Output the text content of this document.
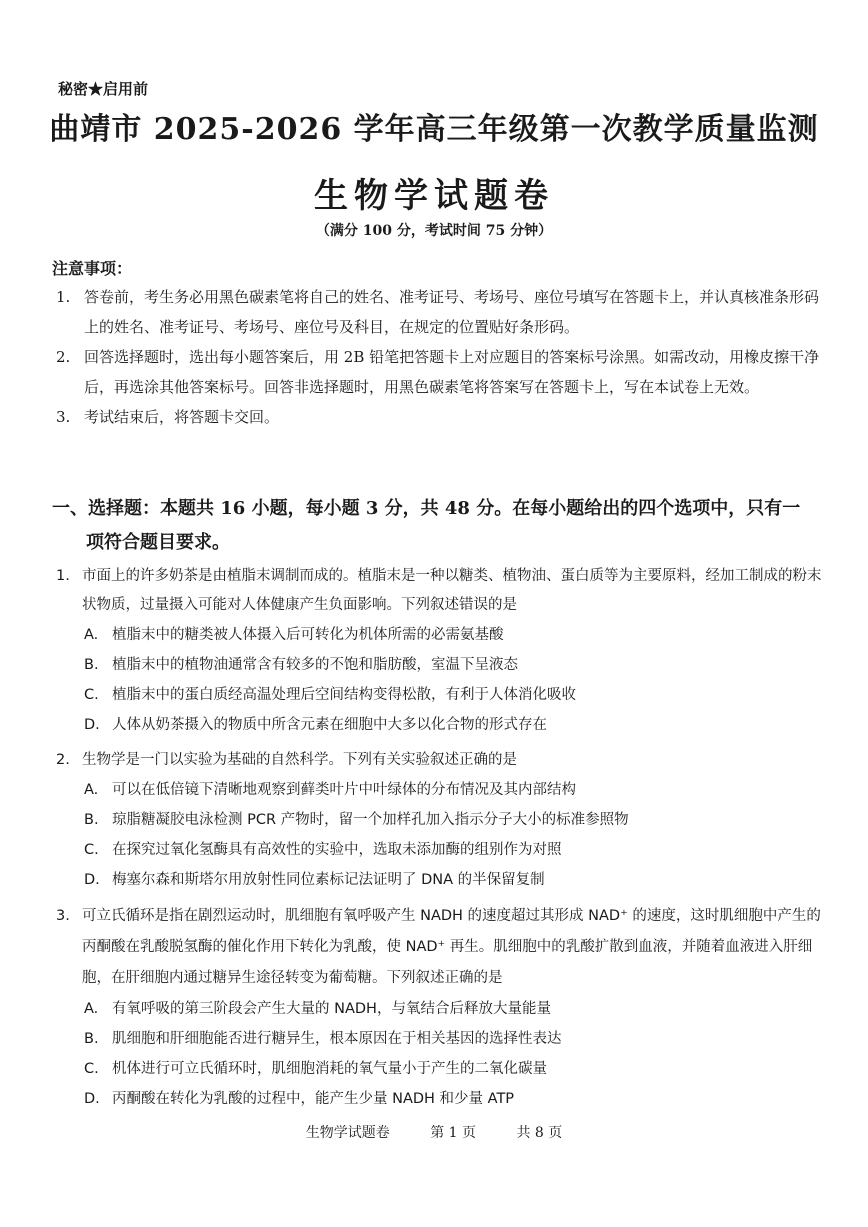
秘密★启用前
曲靖市 2025-2026 学年高三年级第一次教学质量监测
生物学试题卷
（满分 100 分，考试时间 75 分钟）
注意事项：
1. 答卷前，考生务必用黑色碳素笔将自己的姓名、准考证号、考场号、座位号填写在答题卡上，并认真核准条形码上的姓名、准考证号、考场号、座位号及科目，在规定的位置贴好条形码。
2. 回答选择题时，选出每小题答案后，用 2B 铅笔把答题卡上对应题目的答案标号涂黑。如需改动，用橡皮擦干净后，再选涂其他答案标号。回答非选择题时，用黑色碳素笔将答案写在答题卡上，写在本试卷上无效。
3. 考试结束后，将答题卡交回。
一、选择题：本题共 16 小题，每小题 3 分，共 48 分。在每小题给出的四个选项中，只有一
项符合题目要求。
1. 市面上的许多奶茶是由植脂末调制而成的。植脂末是一种以糖类、植物油、蛋白质等为主要原料，经加工制成的粉末状物质，过量摄入可能对人体健康产生负面影响。下列叙述错误的是
A. 植脂末中的糖类被人体摄入后可转化为机体所需的必需氨基酸
B. 植脂末中的植物油通常含有较多的不饱和脂肪酸，室温下呈液态
C. 植脂末中的蛋白质经高温处理后空间结构变得松散，有利于人体消化吸收
D. 人体从奶茶摄入的物质中所含元素在细胞中大多以化合物的形式存在
2. 生物学是一门以实验为基础的自然科学。下列有关实验叙述正确的是
A. 可以在低倍镜下清晰地观察到藓类叶片中叶绿体的分布情况及其内部结构
B. 琼脂糖凝胶电泳检测 PCR 产物时，留一个加样孔加入指示分子大小的标准参照物
C. 在探究过氧化氢酶具有高效性的实验中，选取未添加酶的组别作为对照
D. 梅塞尔森和斯塔尔用放射性同位素标记法证明了 DNA 的半保留复制
3. 可立氏循环是指在剧烈运动时，肌细胞有氧呼吸产生 NADH 的速度超过其形成 NAD⁺ 的速度，这时肌细胞中产生的丙酮酸在乳酸脱氢酶的催化作用下转化为乳酸，使 NAD⁺ 再生。肌细胞中的乳酸扩散到血液，并随着血液进入肝细胞，在肝细胞内通过糖异生途径转变为葡萄糖。下列叙述正确的是
A. 有氧呼吸的第三阶段会产生大量的 NADH，与氧结合后释放大量能量
B. 肌细胞和肝细胞能否进行糖异生，根本原因在于相关基因的选择性表达
C. 机体进行可立氏循环时，肌细胞消耗的氧气量小于产生的二氧化碳量
D. 丙酮酸在转化为乳酸的过程中，能产生少量 NADH 和少量 ATP
生物学试题卷	第 1 页	共 8 页
